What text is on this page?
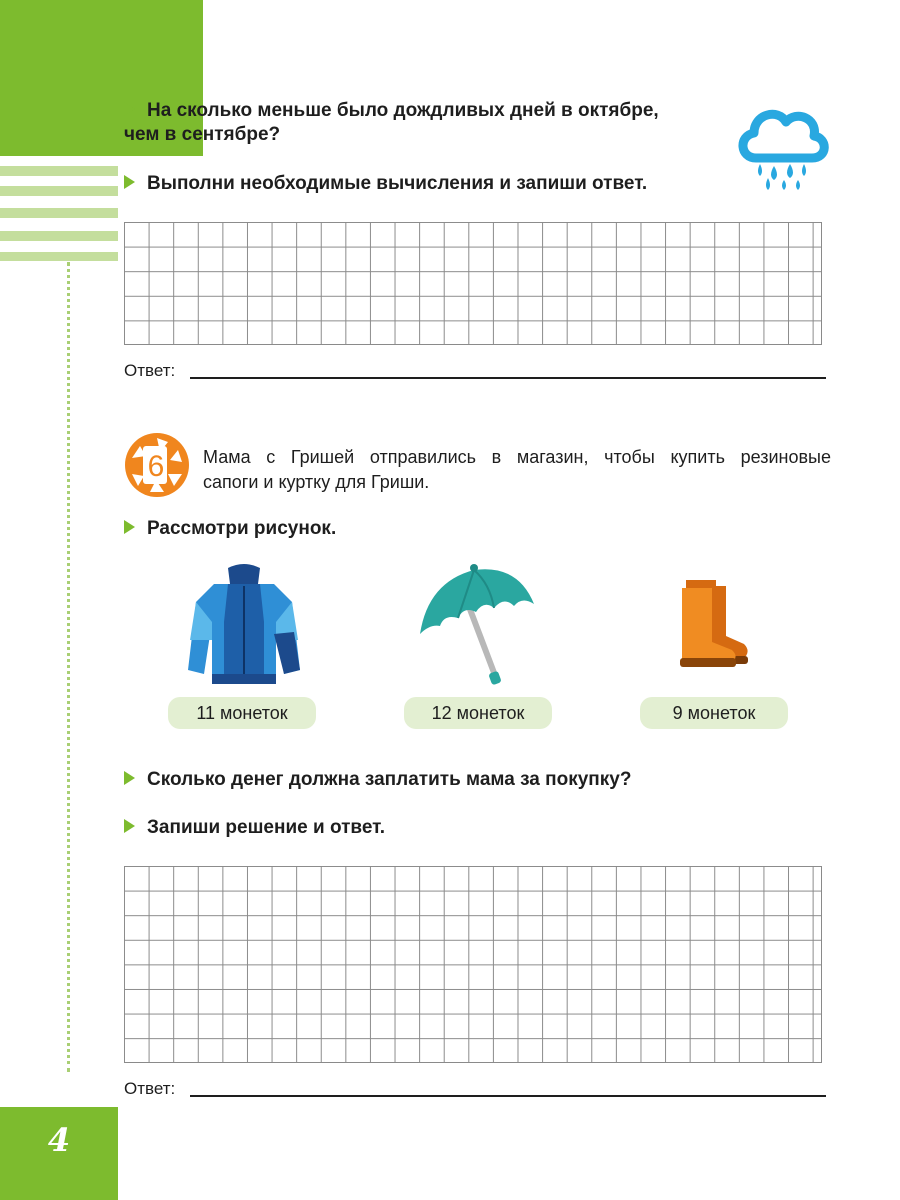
4
На сколько меньше было дождливых дней в октябре,
чем в сентябре?
Выполни необходимые вычисления и запиши ответ.
Ответ:
6 Мама с Гришей отправились в магазин, чтобы купить резиновые
сапоги и куртку для Гриши.
Рассмотри рисунок.
11 монеток	12 монеток	9 монеток
Сколько денег должна заплатить мама за покупку?
Запиши решение и ответ.
Ответ:
